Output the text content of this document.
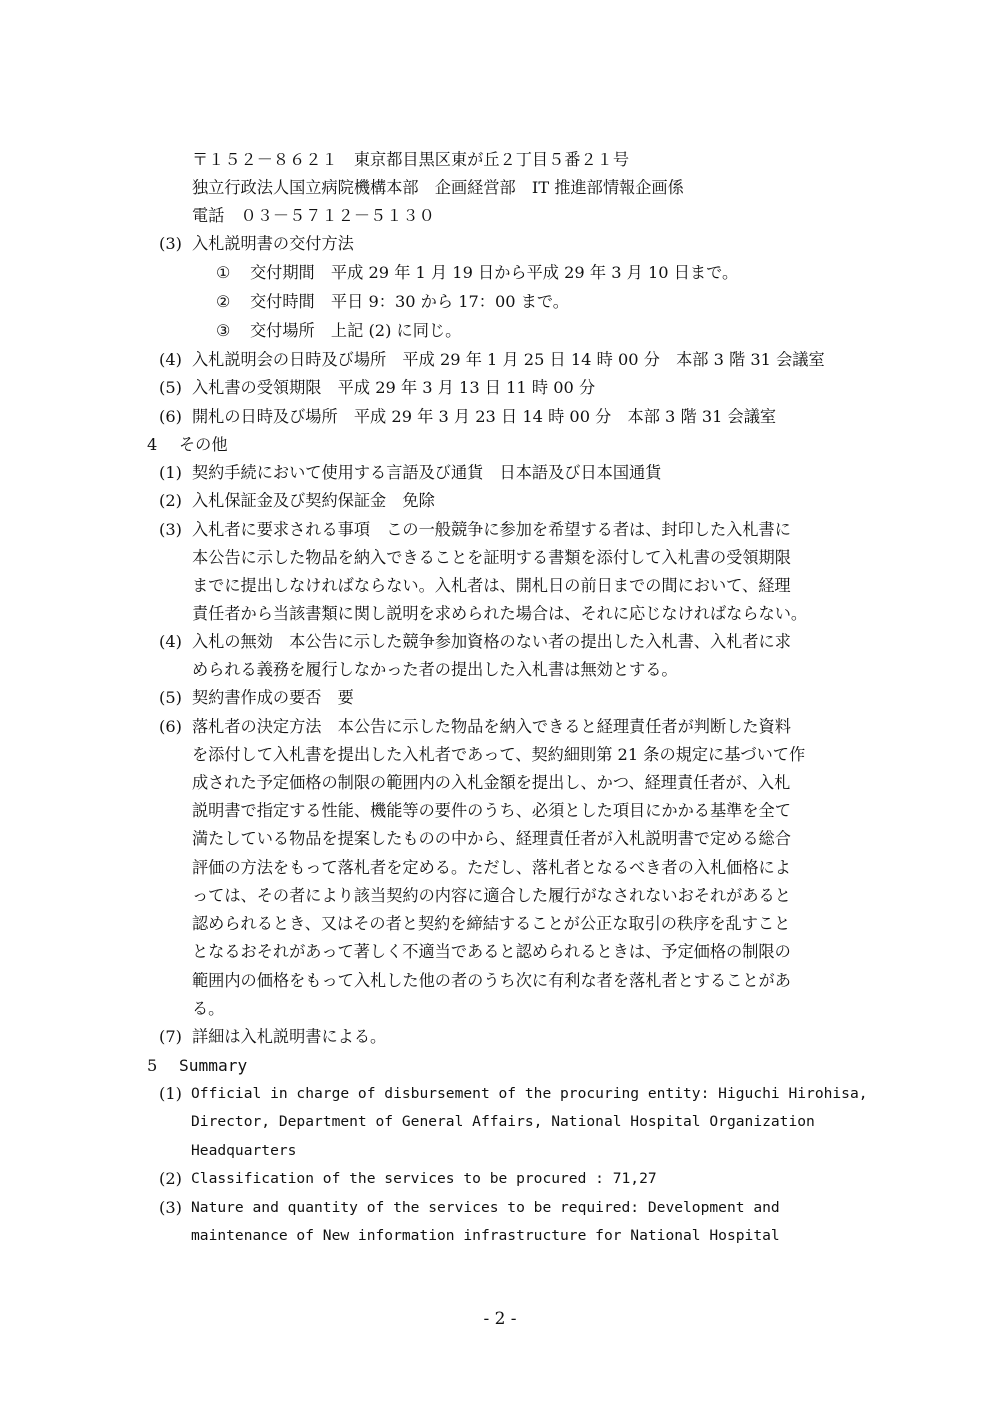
〒１５２－８６２１　東京都目黒区東が丘２丁目５番２１号
独立行政法人国立病院機構本部　企画経営部　IT 推進部情報企画係
電話　０３－５７１２－５１３０
(3) 入札説明書の交付方法
① 交付期間　平成 29 年 1 月 19 日から平成 29 年 3 月 10 日まで。
② 交付時間　平日 9：30 から 17：00 まで。
③ 交付場所　上記 (2) に同じ。
(4) 入札説明会の日時及び場所　平成 29 年 1 月 25 日 14 時 00 分　本部 3 階 31 会議室
(5) 入札書の受領期限　平成 29 年 3 月 13 日 11 時 00 分
(6) 開札の日時及び場所　平成 29 年 3 月 23 日 14 時 00 分　本部 3 階 31 会議室
4 その他
(1) 契約手続において使用する言語及び通貨　日本語及び日本国通貨
(2) 入札保証金及び契約保証金　免除
(3) 入札者に要求される事項　この一般競争に参加を希望する者は、封印した入札書に
本公告に示した物品を納入できることを証明する書類を添付して入札書の受領期限
までに提出しなければならない。入札者は、開札日の前日までの間において、経理
責任者から当該書類に関し説明を求められた場合は、それに応じなければならない。
(4) 入札の無効　本公告に示した競争参加資格のない者の提出した入札書、入札者に求
められる義務を履行しなかった者の提出した入札書は無効とする。
(5) 契約書作成の要否　要
(6) 落札者の決定方法　本公告に示した物品を納入できると経理責任者が判断した資料
を添付して入札書を提出した入札者であって、契約細則第 21 条の規定に基づいて作
成された予定価格の制限の範囲内の入札金額を提出し、かつ、経理責任者が、入札
説明書で指定する性能、機能等の要件のうち、必須とした項目にかかる基準を全て
満たしている物品を提案したものの中から、経理責任者が入札説明書で定める総合
評価の方法をもって落札者を定める。ただし、落札者となるべき者の入札価格によ
っては、その者により該当契約の内容に適合した履行がなされないおそれがあると
認められるとき、又はその者と契約を締結することが公正な取引の秩序を乱すこと
となるおそれがあって著しく不適当であると認められるときは、予定価格の制限の
範囲内の価格をもって入札した他の者のうち次に有利な者を落札者とすることがあ
る。
(7) 詳細は入札説明書による。
5 Summary
(1) Official in charge of disbursement of the procuring entity: Higuchi Hirohisa,
Director, Department of General Affairs, National Hospital Organization
Headquarters
(2) Classification of the services to be procured : 71,27
(3) Nature and quantity of the services to be required: Development and
maintenance of New information infrastructure for National Hospital
- 2 -
